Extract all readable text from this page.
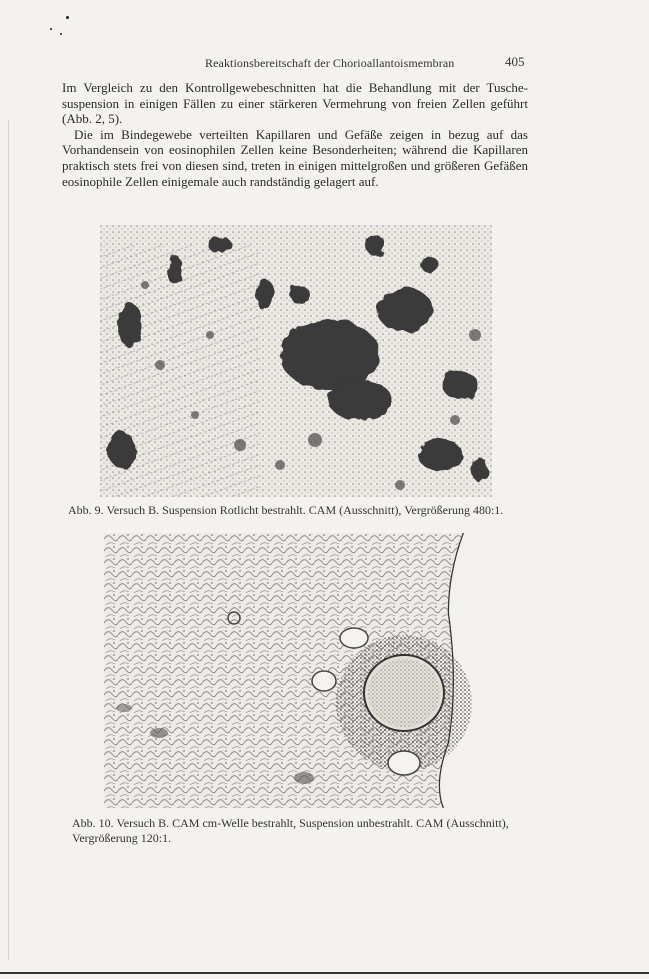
Reaktionsbereitschaft der Chorioallantoismembran	405

Im Vergleich zu den Kontrollgewebeschnitten hat die Behandlung mit der Tuschesuspension in einigen Fällen zu einer stärkeren Vermehrung von freien Zellen geführt (Abb. 2, 5).

Die im Bindegewebe verteilten Kapillaren und Gefäße zeigen in bezug auf das Vorhandensein von eosinophilen Zellen keine Besonderheiten; während die Kapillaren praktisch stets frei von diesen sind, treten in einigen mittelgroßen und größeren Gefäßen eosinophile Zellen einigemale auch randständig gelagert auf.

Abb. 9. Versuch B. Suspension Rotlicht bestrahlt. CAM (Ausschnitt), Vergrößerung 480:1.
Abb. 10. Versuch B. CAM cm-Welle bestrahlt, Suspension unbestrahlt. CAM (Ausschnitt), Vergrößerung 120:1.
